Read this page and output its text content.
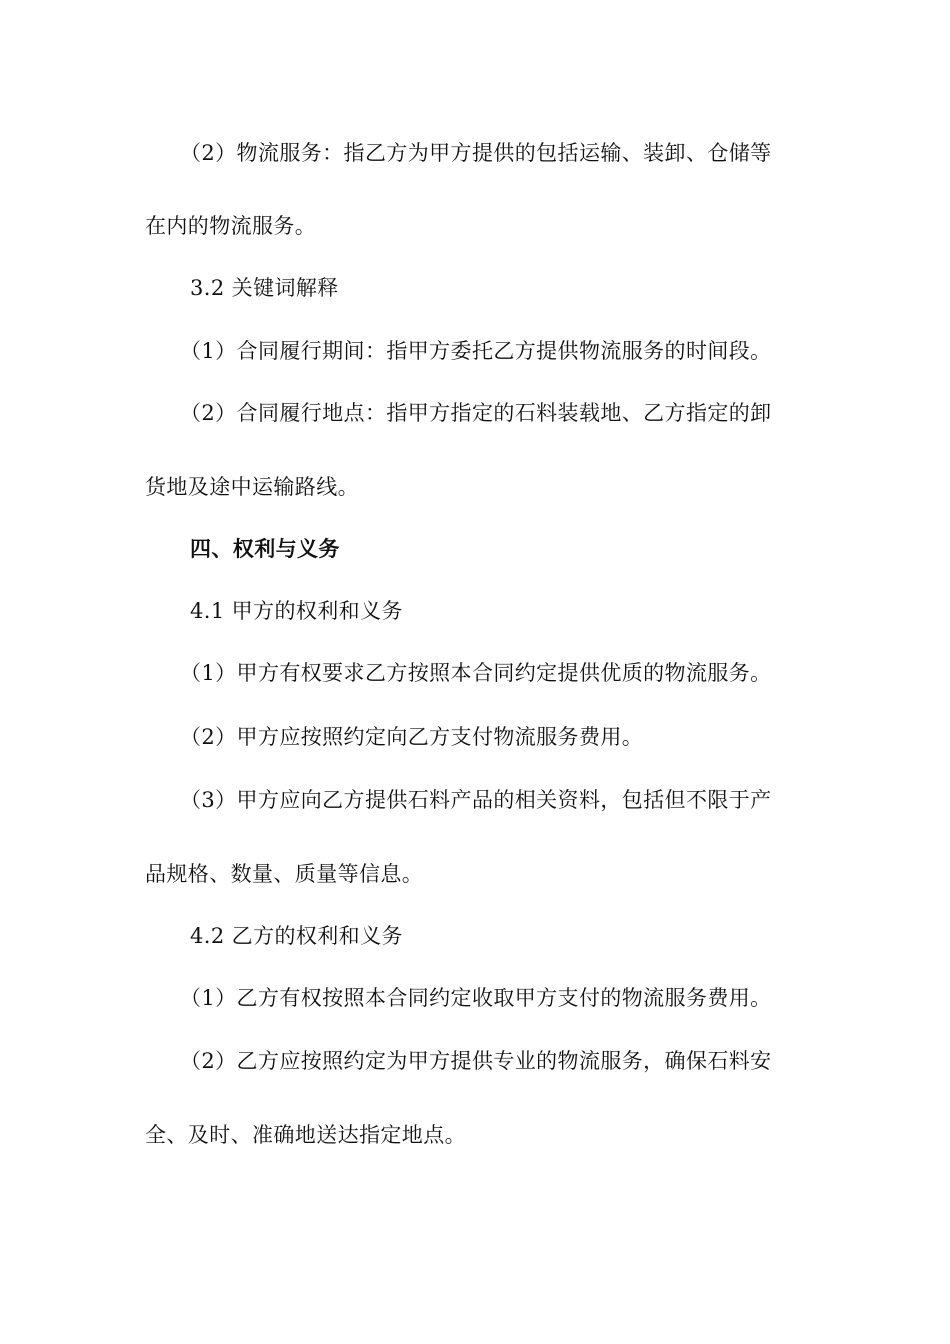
（2）物流服务：指乙方为甲方提供的包括运输、装卸、仓储等
在内的物流服务。
3.2 关键词解释
（1）合同履行期间：指甲方委托乙方提供物流服务的时间段。
（2）合同履行地点：指甲方指定的石料装载地、乙方指定的卸
货地及途中运输路线。
四、权利与义务
4.1 甲方的权利和义务
（1）甲方有权要求乙方按照本合同约定提供优质的物流服务。
（2）甲方应按照约定向乙方支付物流服务费用。
（3）甲方应向乙方提供石料产品的相关资料，包括但不限于产
品规格、数量、质量等信息。
4.2 乙方的权利和义务
（1）乙方有权按照本合同约定收取甲方支付的物流服务费用。
（2）乙方应按照约定为甲方提供专业的物流服务，确保石料安
全、及时、准确地送达指定地点。
